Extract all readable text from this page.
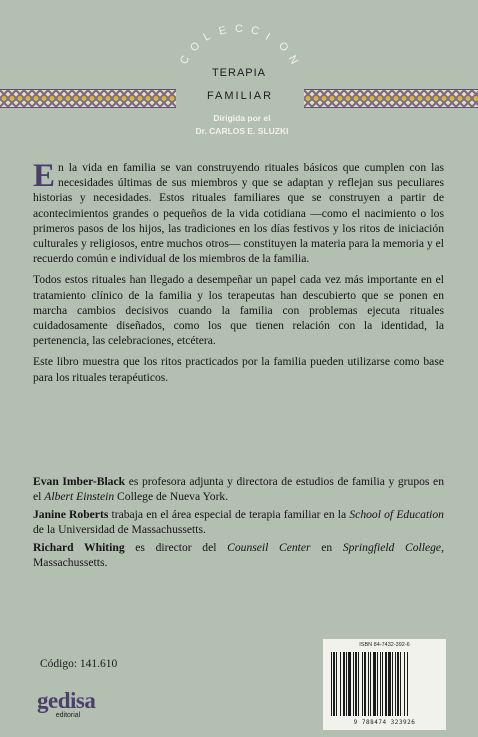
C
O
L E C C I
O
N
TERAPIA
FAMILIAR
Dirigida por el
Dr. CARLOS E. SLUZKI

En la vida en familia se van construyendo rituales básicos que cumplen con las necesidades últimas de sus miembros y que se adaptan y reflejan sus peculiares historias y necesidades. Estos rituales familiares que se construyen a partir de acontecimientos grandes o pequeños de la vida cotidiana —como el nacimiento o los primeros pasos de los hijos, las tradiciones en los días festivos y los ritos de iniciación culturales y religiosos, entre muchos otros— constituyen la materia para la memoria y el recuerdo común e individual de los miembros de la familia.

Todos estos rituales han llegado a desempeñar un papel cada vez más importante en el tratamiento clínico de la familia y los terapeutas han descubierto que se ponen en marcha cambios decisivos cuando la familia con problemas ejecuta rituales cuidadosamente diseñados, como los que tienen relación con la identidad, la pertenencia, las celebraciones, etcétera.

Este libro muestra que los ritos practicados por la familia pueden utilizarse como base para los rituales terapéuticos.

Evan Imber-Black es profesora adjunta y directora de estudios de familia y grupos en el Albert Einstein College de Nueva York.

Janine Roberts trabaja en el área especial de terapia familiar en la School of Education de la Universidad de Massachussetts.

Richard Whiting es director del Counseil Center en Springfield College, Massachussetts.

Código: 141.610
gedisa
editorial
ISBN 84-7432-392-6
9 788474 323926
